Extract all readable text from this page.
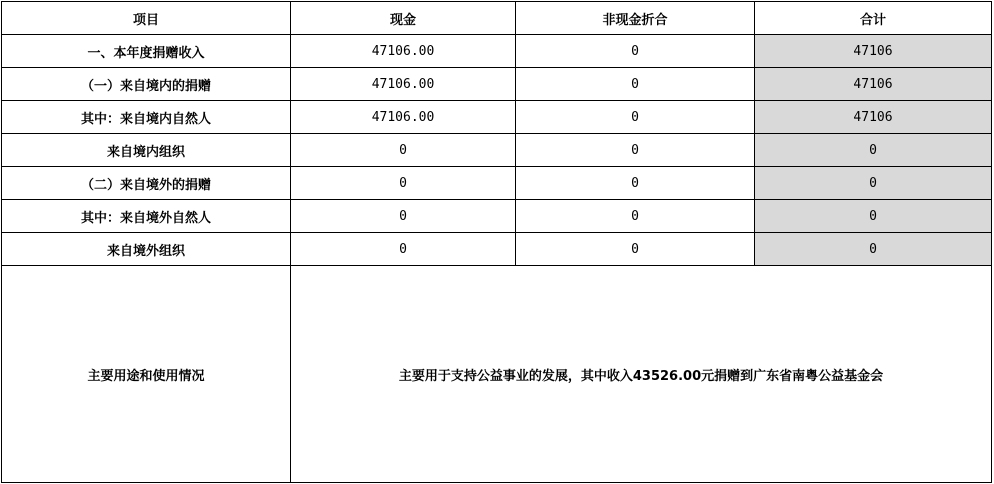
项目	现金	非现金折合	合计
一、本年度捐赠收入	47106.00	0	47106
（一）来自境内的捐赠	47106.00	0	47106
其中：来自境内自然人	47106.00	0	47106
来自境内组织	0	0	0
（二）来自境外的捐赠	0	0	0
其中：来自境外自然人	0	0	0
来自境外组织	0	0	0
主要用途和使用情况	主要用于支持公益事业的发展，其中收入43526.00元捐赠到广东省南粤公益基金会		
